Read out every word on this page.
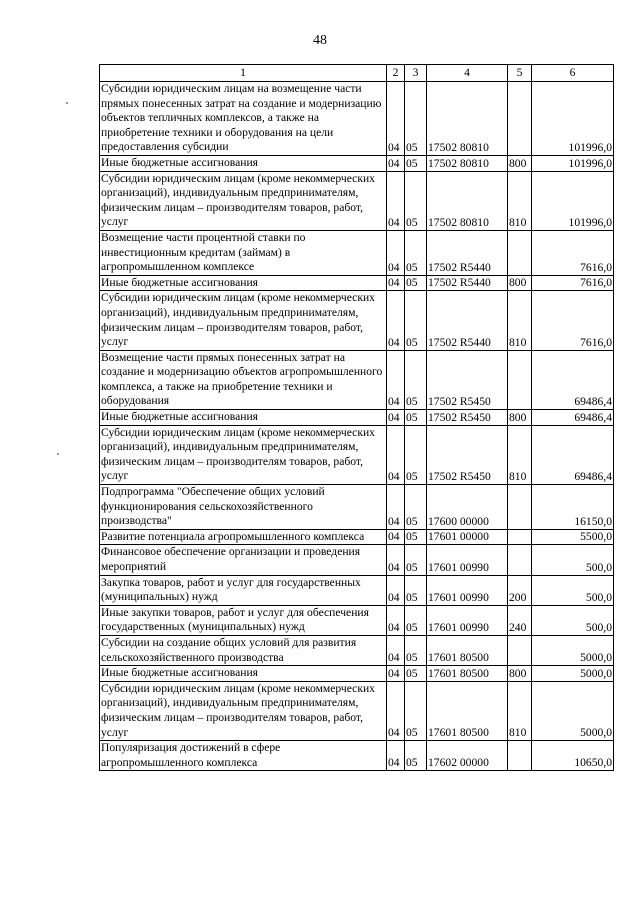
48
1	2	3	4	5	6
Субсидии юридическим лицам на возмещение части прямых понесенных затрат на создание и модернизацию объектов тепличных комплексов, а также на приобретение техники и оборудования на цели предоставления субсидии	04	05	17502 80810		101996,0
Иные бюджетные ассигнования	04	05	17502 80810	800	101996,0
Субсидии юридическим лицам (кроме некоммерческих организаций), индивидуальным предпринимателям, физическим лицам – производителям товаров, работ, услуг	04	05	17502 80810	810	101996,0
Возмещение части процентной ставки по инвестиционным кредитам (займам) в агропромышленном комплексе	04	05	17502 R5440		7616,0
Иные бюджетные ассигнования	04	05	17502 R5440	800	7616,0
Субсидии юридическим лицам (кроме некоммерческих организаций), индивидуальным предпринимателям, физическим лицам – производителям товаров, работ, услуг	04	05	17502 R5440	810	7616,0
Возмещение части прямых понесенных затрат на создание и модернизацию объектов агропромышленного комплекса, а также на приобретение техники и оборудования	04	05	17502 R5450		69486,4
Иные бюджетные ассигнования	04	05	17502 R5450	800	69486,4
Субсидии юридическим лицам (кроме некоммерческих организаций), индивидуальным предпринимателям, физическим лицам – производителям товаров, работ, услуг	04	05	17502 R5450	810	69486,4
Подпрограмма "Обеспечение общих условий функционирования сельскохозяйственного производства"	04	05	17600 00000		16150,0
Развитие потенциала агропромышленного комплекса	04	05	17601 00000		5500,0
Финансовое обеспечение организации и проведения мероприятий	04	05	17601 00990		500,0
Закупка товаров, работ и услуг для государственных (муниципальных) нужд	04	05	17601 00990	200	500,0
Иные закупки товаров, работ и услуг для обеспечения государственных (муниципальных) нужд	04	05	17601 00990	240	500,0
Субсидии на создание общих условий для развития сельскохозяйственного производства	04	05	17601 80500		5000,0
Иные бюджетные ассигнования	04	05	17601 80500	800	5000,0
Субсидии юридическим лицам (кроме некоммерческих организаций), индивидуальным предпринимателям, физическим лицам – производителям товаров, работ, услуг	04	05	17601 80500	810	5000,0
Популяризация достижений в сфере агропромышленного комплекса	04	05	17602 00000		10650,0
